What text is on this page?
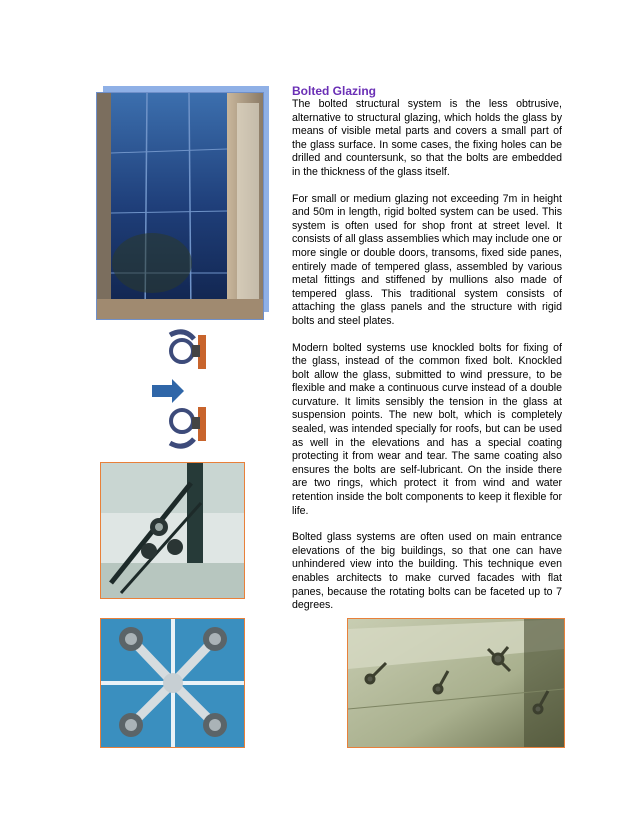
Bolted Glazing

The bolted structural system is the less obtrusive, alternative to structural glazing, which holds the glass by means of visible metal parts and covers a small part of the glass surface. In some cases, the fixing holes can be drilled and countersunk, so that the bolts are embedded in the thickness of the glass itself.

For small or medium glazing not exceeding 7m in height and 50m in length, rigid bolted system can be used. This system is often used for shop front at street level. It consists of all glass assemblies which may include one or more single or double doors, transoms, fixed side panes, entirely made of tempered glass, assembled by various metal fittings and stiffened by mullions also made of tempered glass. This traditional system consists of attaching the glass panels and the structure with rigid bolts and steel plates.

Modern bolted systems use knockled bolts for fixing of the glass, instead of the common fixed bolt. Knockled bolt allow the glass, submitted to wind pressure, to be flexible and make a continuous curve instead of a double curvature. It limits sensibly the tension in the glass at suspension points. The new bolt, which is completely sealed, was intended specially for roofs, but can be used as well in the elevations and has a special coating protecting it from wear and tear. The same coating also ensures the bolts are self-lubricant. On the inside there are two rings, which protect it from wind and water retention inside the bolt components to keep it flexible for life.

Bolted glass systems are often used on main entrance elevations of the big buildings, so that one can have unhindered view into the building. This technique even enables architects to make curved facades with flat panes, because the rotating bolts can be faceted up to 7 degrees.
